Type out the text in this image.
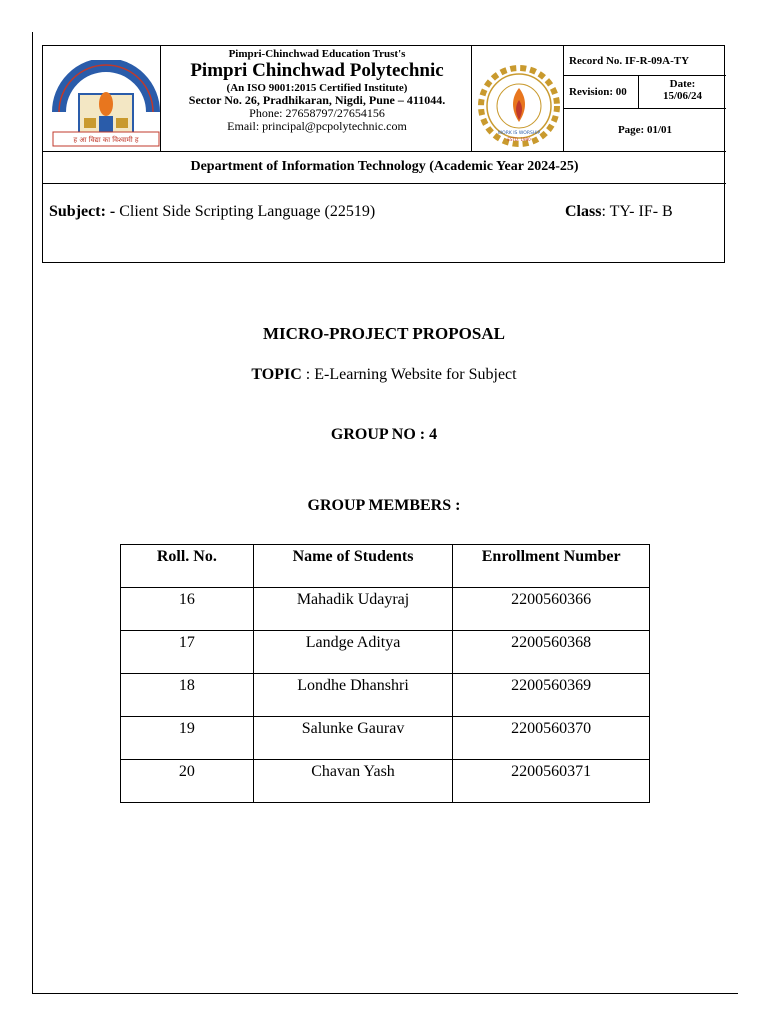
ह आ विद्या का विश्वामी ह
Pimpri-Chinchwad Education Trust's
Pimpri Chinchwad Polytechnic
(An ISO 9001:2015 Certified Institute)
Sector No. 26, Pradhikaran, Nigdi, Pune – 411044.
Phone: 27658797/27654156
Email: principal@pcpolytechnic.com
WORK IS WORSHIP
ESTD. 1990
Record No. IF-R-09A-TY
Revision: 00
Date:
15/06/24
Page: 01/01
Department of Information Technology (Academic Year 2024-25)
Subject: - Client Side Scripting Language (22519)	Class: TY- IF- B
MICRO-PROJECT PROPOSAL
TOPIC : E-Learning Website for Subject
GROUP NO : 4
GROUP MEMBERS :
Roll. No.	Name of Students	Enrollment Number
16	Mahadik Udayraj	2200560366
17	Landge Aditya	2200560368
18	Londhe Dhanshri	2200560369
19	Salunke Gaurav	2200560370
20	Chavan Yash	2200560371
